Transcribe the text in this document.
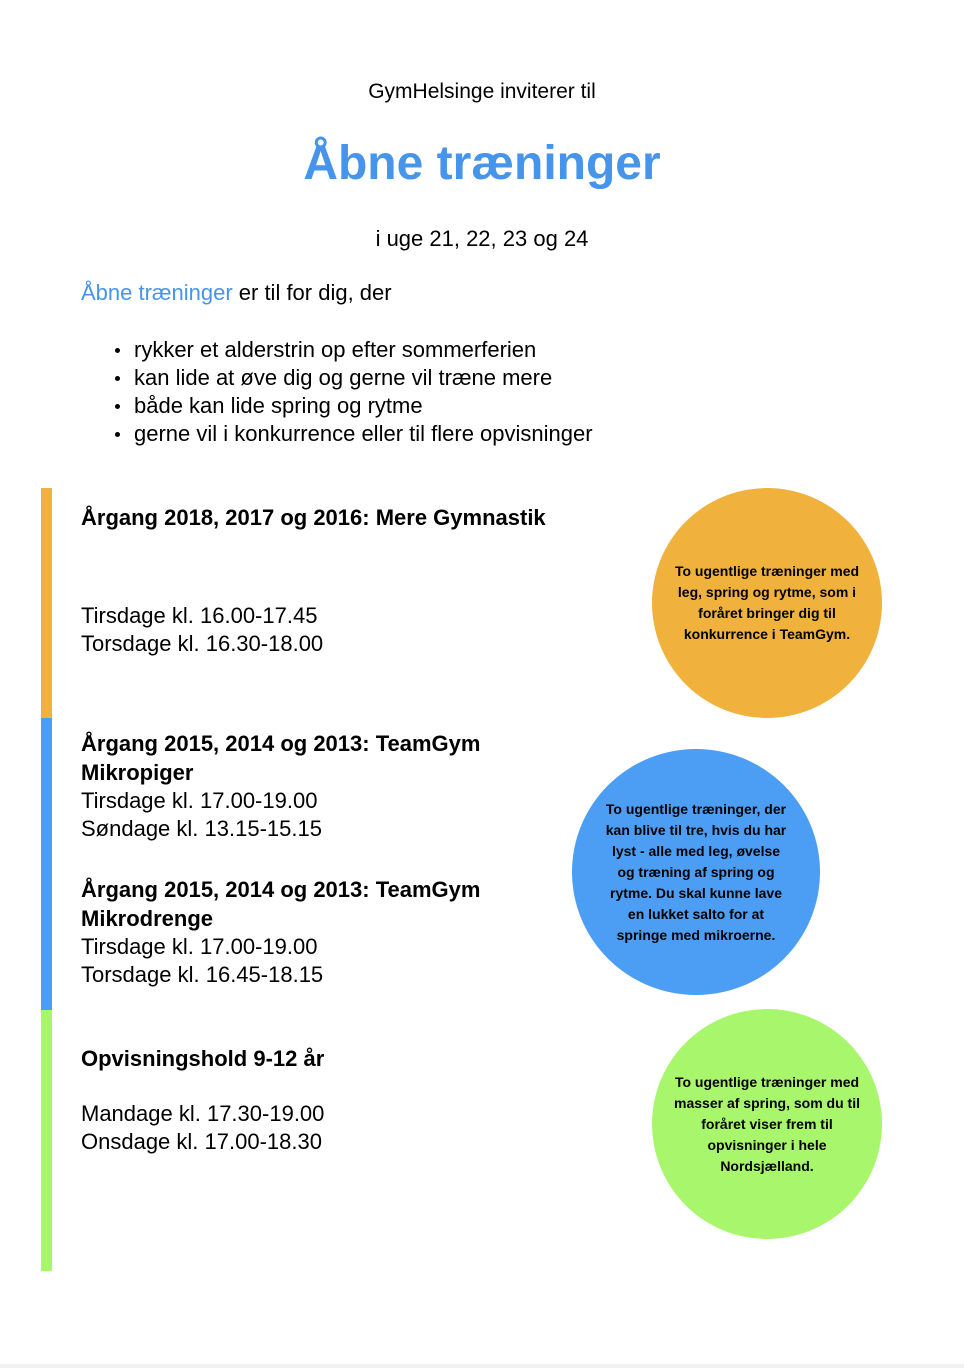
GymHelsinge inviterer til
Åbne træninger
i uge 21, 22, 23 og 24
Åbne træninger er til for dig, der
rykker et alderstrin op efter sommerferien
kan lide at øve dig og gerne vil træne mere
både kan lide spring og rytme
gerne vil i konkurrence eller til flere opvisninger
Årgang 2018, 2017 og 2016: Mere Gymnastik
Tirsdage kl. 16.00-17.45
Torsdage kl. 16.30-18.00
Årgang 2015, 2014 og 2013: TeamGym Mikropiger
Tirsdage kl. 17.00-19.00
Søndage kl. 13.15-15.15
Årgang 2015, 2014 og 2013: TeamGym Mikrodrenge
Tirsdage kl. 17.00-19.00
Torsdage kl. 16.45-18.15
Opvisningshold 9-12 år
Mandage kl. 17.30-19.00
Onsdage kl. 17.00-18.30
To ugentlige træninger med leg, spring og rytme, som i foråret bringer dig til konkurrence i TeamGym.
To ugentlige træninger, der kan blive til tre, hvis du har lyst - alle med leg, øvelse og træning af spring og rytme. Du skal kunne lave en lukket salto for at springe med mikroerne.
To ugentlige træninger med masser af spring, som du til foråret viser frem til opvisninger i hele Nordsjælland.
